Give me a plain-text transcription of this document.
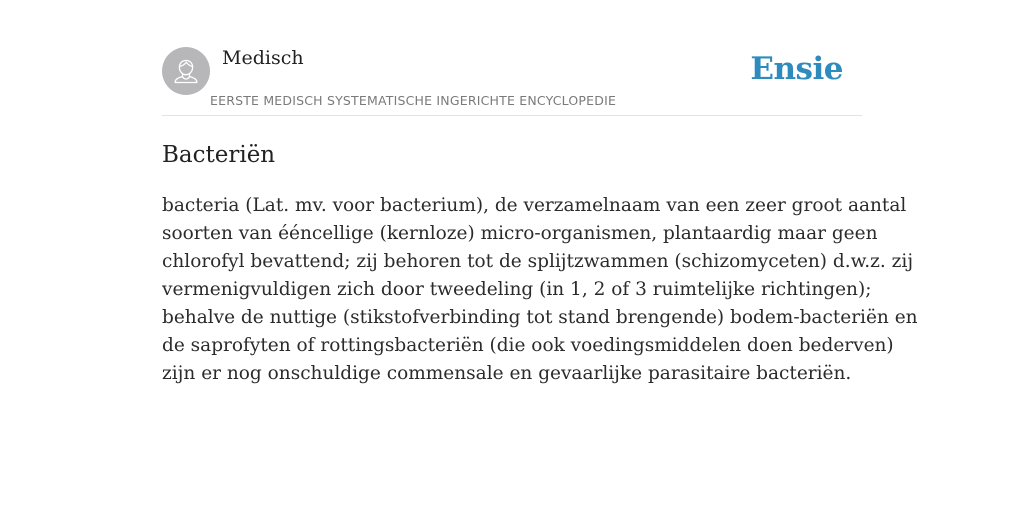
Medisch
EERSTE MEDISCH SYSTEMATISCHE INGERICHTE ENCYCLOPEDIE
Ensie
Bacteriën

bacteria (Lat. mv. voor bacterium), de verzamelnaam van een zeer groot aantal
soorten van ééncellige (kernloze) micro-organismen, plantaardig maar geen
chlorofyl bevattend; zij behoren tot de splijtzwammen (schizomyceten) d.w.z. zij
vermenigvuldigen zich door tweedeling (in 1, 2 of 3 ruimtelijke richtingen);
behalve de nuttige (stikstofverbinding tot stand brengende) bodem-bacteriën en
de saprofyten of rottingsbacteriën (die ook voedingsmiddelen doen bederven)
zijn er nog onschuldige commensale en gevaarlijke parasitaire bacteriën.
